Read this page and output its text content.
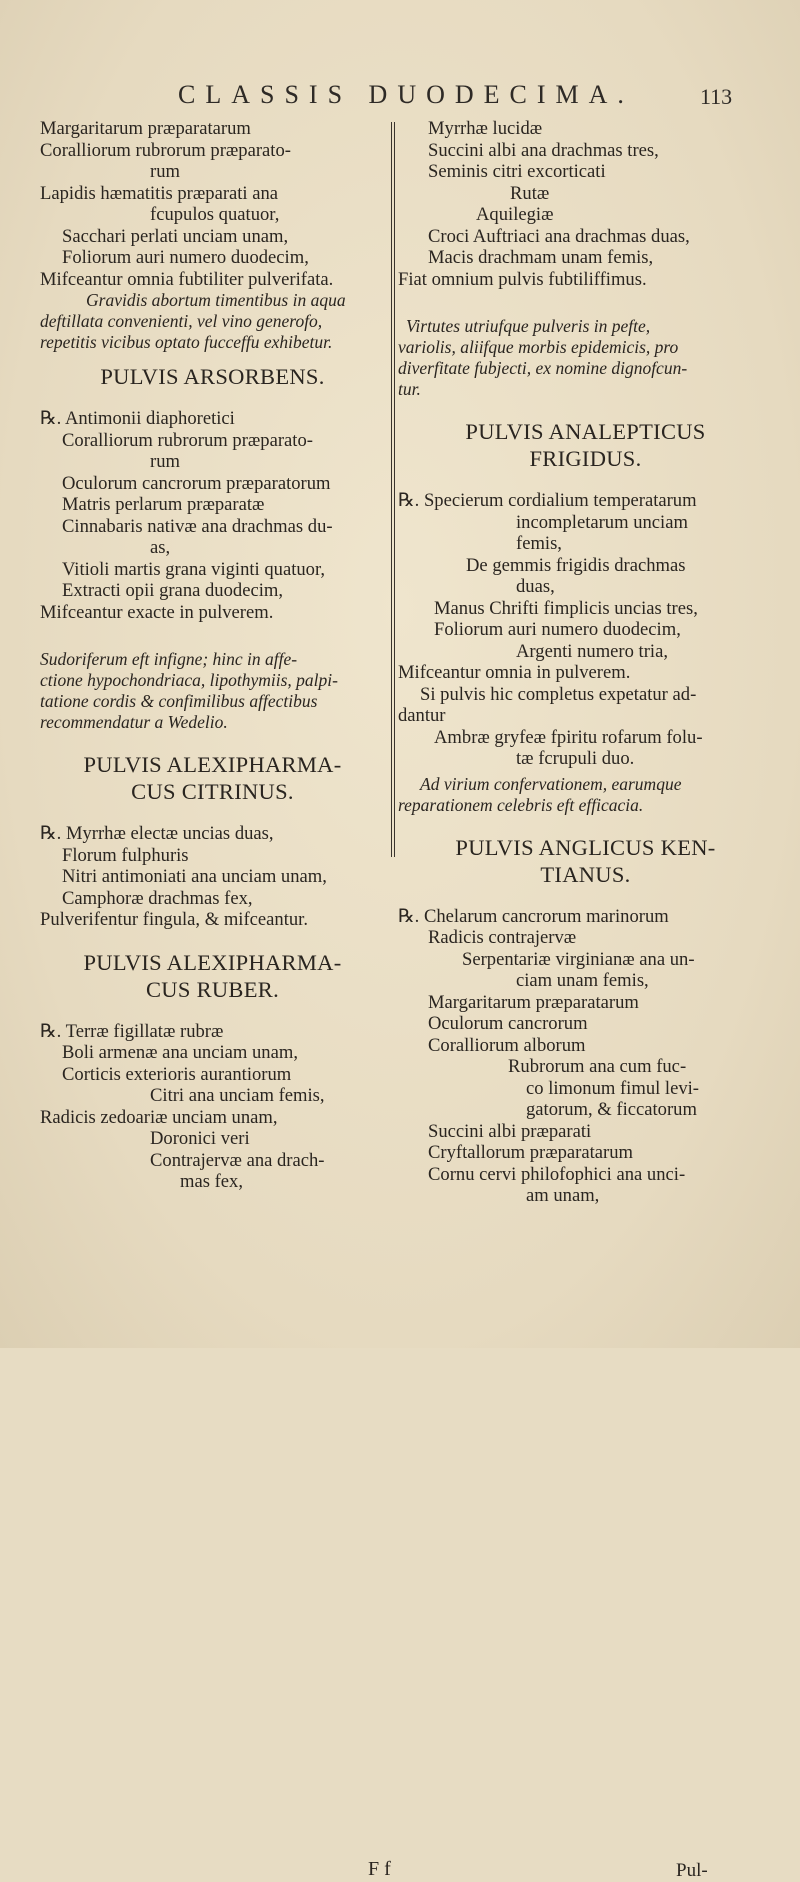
CLASSIS DUODECIMA.	113
Margaritarum præparatarum
Coralliorum rubrorum præparato-
rum
Lapidis hæmatitis præparati ana
fcupulos quatuor,
Sacchari perlati unciam unam,
Foliorum auri numero duodecim,
Mifceantur omnia fubtiliter pulverifata.
Gravidis abortum timentibus in aqua
deftillata convenienti, vel vino generofo,
repetitis vicibus optato fucceffu exhibetur.
PULVIS ARSORBENS.
℞. Antimonii diaphoretici
Coralliorum rubrorum præparato-
rum
Oculorum cancrorum præparatorum
Matris perlarum præparatæ
Cinnabaris nativæ ana drachmas du-
as,
Vitioli martis grana viginti quatuor,
Extracti opii grana duodecim,
Mifceantur exacte in pulverem.
Sudoriferum eft infigne; hinc in affe-
ctione hypochondriaca, lipothymiis, palpi-
tatione cordis & confimilibus affectibus
recommendatur a Wedelio.
PULVIS ALEXIPHARMA-
CUS CITRINUS.
℞. Myrrhæ electæ uncias duas,
Florum fulphuris
Nitri antimoniati ana unciam unam,
Camphoræ drachmas fex,
Pulverifentur fingula, & mifceantur.
PULVIS ALEXIPHARMA-
CUS RUBER.
℞. Terræ figillatæ rubræ
Boli armenæ ana unciam unam,
Corticis exterioris aurantiorum
Citri ana unciam femis,
Radicis zedoariæ unciam unam,
Doronici veri
Contrajervæ ana drach-
mas fex,
Myrrhæ lucidæ
Succini albi ana drachmas tres,
Seminis citri excorticati
Rutæ
Aquilegiæ
Croci Auftriaci ana drachmas duas,
Macis drachmam unam femis,
Fiat omnium pulvis fubtiliffimus.
Virtutes utriufque pulveris in pefte,
variolis, aliifque morbis epidemicis, pro
diverfitate fubjecti, ex nomine dignofcun-
tur.
PULVIS ANALEPTICUS
FRIGIDUS.
℞. Specierum cordialium temperatarum
incompletarum unciam
femis,
De gemmis frigidis drachmas
duas,
Manus Chrifti fimplicis uncias tres,
Foliorum auri numero duodecim,
Argenti numero tria,
Mifceantur omnia in pulverem.
Si pulvis hic completus expetatur ad-
dantur
Ambræ gryfeæ fpiritu rofarum folu-
tæ fcrupuli duo.
Ad virium confervationem, earumque
reparationem celebris eft efficacia.
PULVIS ANGLICUS KEN-
TIANUS.
℞. Chelarum cancrorum marinorum
Radicis contrajervæ
Serpentariæ virginianæ ana un-
ciam unam femis,
Margaritarum præparatarum
Oculorum cancrorum
Coralliorum alborum
Rubrorum ana cum fuc-
co limonum fimul levi-
gatorum, & ficcatorum
Succini albi præparati
Cryftallorum præparatarum
Cornu cervi philofophici ana unci-
am unam,
F f	Pul-
